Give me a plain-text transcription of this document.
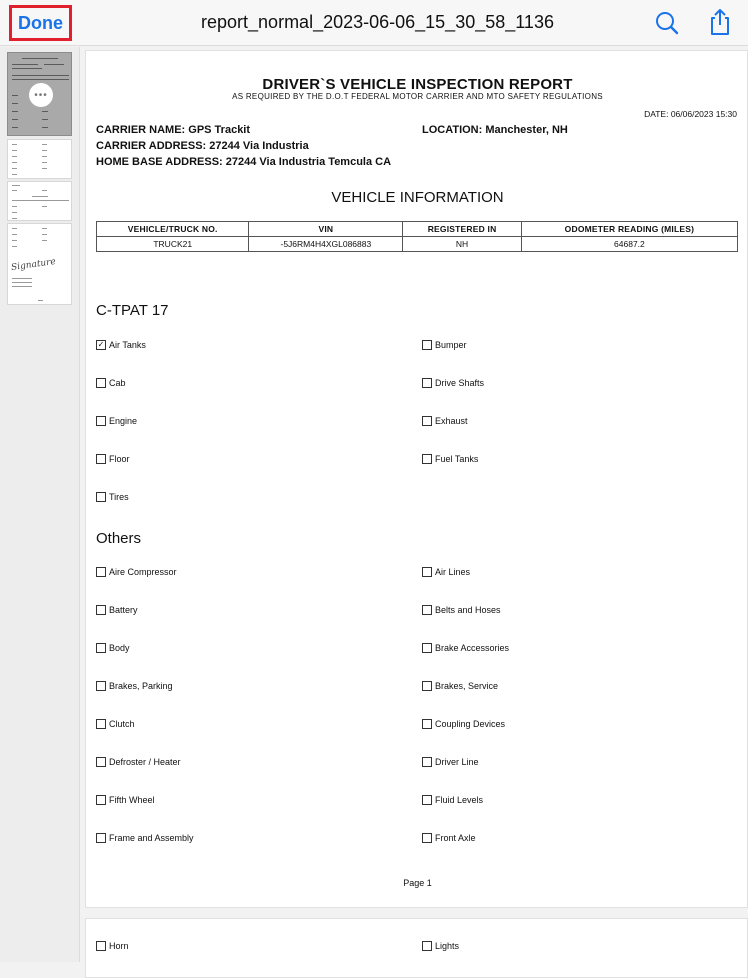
Done	report_normal_2023-06-06_15_30_58_1136
•••
Signature
DRIVER`S VEHICLE INSPECTION REPORT
AS REQUIRED BY THE D.O.T FEDERAL MOTOR CARRIER AND MTO SAFETY REGULATIONS
DATE: 06/06/2023 15:30
CARRIER NAME: GPS Trackit	LOCATION: Manchester, NH
CARRIER ADDRESS: 27244 Via Industria
HOME BASE ADDRESS: 27244 Via Industria Temcula CA
VEHICLE INFORMATION
VEHICLE/TRUCK NO.	VIN	REGISTERED IN	ODOMETER READING (MILES)
TRUCK21	-5J6RM4H4XGL086883	NH	64687.2
C-TPAT 17
✓ Air Tanks	Bumper
Cab	Drive Shafts
Engine	Exhaust
Floor	Fuel Tanks
Tires
Others
Aire Compressor	Air Lines
Battery	Belts and Hoses
Body	Brake Accessories
Brakes, Parking	Brakes, Service
Clutch	Coupling Devices
Defroster / Heater	Driver Line
Fifth Wheel	Fluid Levels
Frame and Assembly	Front Axle
Page 1
Horn	Lights
